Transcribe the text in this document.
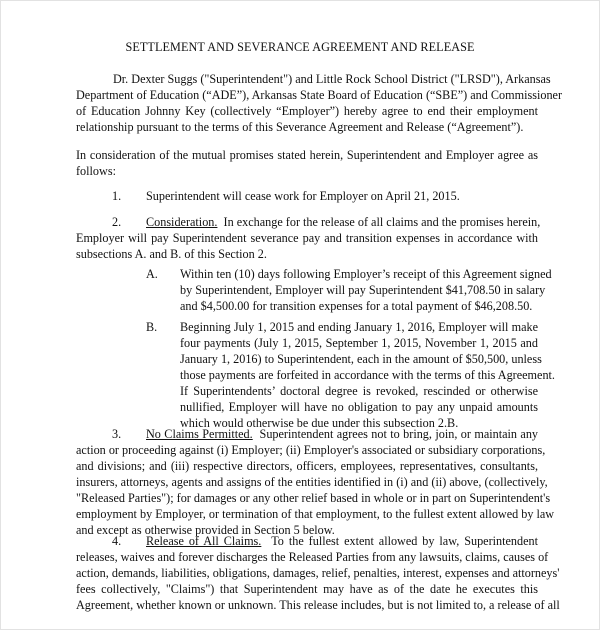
SETTLEMENT AND SEVERANCE AGREEMENT AND RELEASE
Dr. Dexter Suggs ("Superintendent") and Little Rock School District ("LRSD"), Arkansas
Department of Education (“ADE”), Arkansas State Board of Education (“SBE”) and Commissioner
of Education Johnny Key (collectively “Employer”) hereby agree to end their employment
relationship pursuant to the terms of this Severance Agreement and Release (“Agreement”).
In consideration of the mutual promises stated herein, Superintendent and Employer agree as
follows:
1. Superintendent will cease work for Employer on April 21, 2015.
2. Consideration. In exchange for the release of all claims and the promises herein,
Employer will pay Superintendent severance pay and transition expenses in accordance with
subsections A. and B. of this Section 2.
A. Within ten (10) days following Employer’s receipt of this Agreement signed
by Superintendent, Employer will pay Superintendent $41,708.50 in salary
and $4,500.00 for transition expenses for a total payment of $46,208.50.
B. Beginning July 1, 2015 and ending January 1, 2016, Employer will make
four payments (July 1, 2015, September 1, 2015, November 1, 2015 and
January 1, 2016) to Superintendent, each in the amount of $50,500, unless
those payments are forfeited in accordance with the terms of this Agreement.
If Superintendents’ doctoral degree is revoked, rescinded or otherwise
nullified, Employer will have no obligation to pay any unpaid amounts
which would otherwise be due under this subsection 2.B.
3. No Claims Permitted. Superintendent agrees not to bring, join, or maintain any
action or proceeding against (i) Employer; (ii) Employer's associated or subsidiary corporations,
and divisions; and (iii) respective directors, officers, employees, representatives, consultants,
insurers, attorneys, agents and assigns of the entities identified in (i) and (ii) above, (collectively,
"Released Parties"); for damages or any other relief based in whole or in part on Superintendent's
employment by Employer, or termination of that employment, to the fullest extent allowed by law
and except as otherwise provided in Section 5 below.
4. Release of All Claims. To the fullest extent allowed by law, Superintendent
releases, waives and forever discharges the Released Parties from any lawsuits, claims, causes of
action, demands, liabilities, obligations, damages, relief, penalties, interest, expenses and attorneys'
fees collectively, "Claims") that Superintendent may have as of the date he executes this
Agreement, whether known or unknown. This release includes, but is not limited to, a release of all
